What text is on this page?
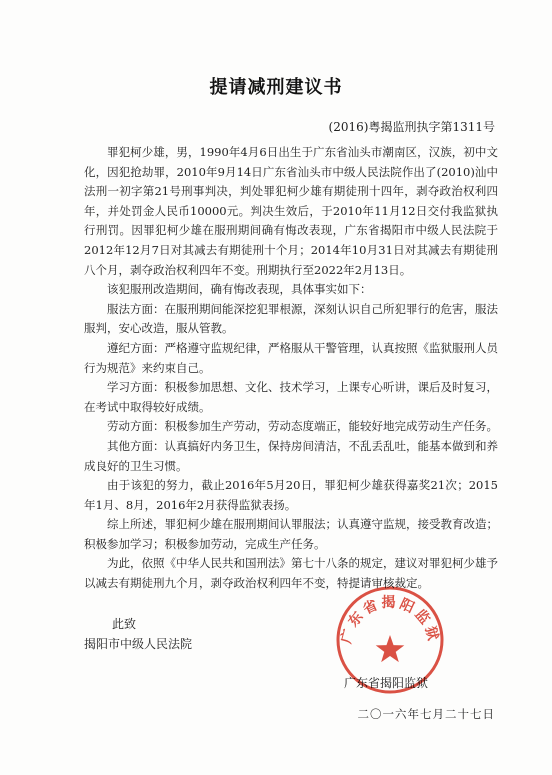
提请减刑建议书
(2016)粤揭监刑执字第1311号

罪犯柯少雄，男，1990年4月6日出生于广东省汕头市潮南区，汉族，初中文化，因犯抢劫罪，2010年9月14日广东省汕头市中级人民法院作出了(2010)汕中法刑一初字第21号刑事判决，判处罪犯柯少雄有期徒刑十四年，剥夺政治权利四年，并处罚金人民币10000元。判决生效后，于2010年11月12日交付我监狱执行刑罚。因罪犯柯少雄在服刑期间确有悔改表现，广东省揭阳市中级人民法院于2012年12月7日对其减去有期徒刑十个月；2014年10月31日对其减去有期徒刑八个月，剥夺政治权利四年不变。刑期执行至2022年2月13日。

该犯服刑改造期间，确有悔改表现，具体事实如下：

服法方面：在服刑期间能深挖犯罪根源，深刻认识自己所犯罪行的危害，服法服判，安心改造，服从管教。

遵纪方面：严格遵守监规纪律，严格服从干警管理，认真按照《监狱服刑人员行为规范》来约束自己。

学习方面：积极参加思想、文化、技术学习，上课专心听讲，课后及时复习，在考试中取得较好成绩。

劳动方面：积极参加生产劳动，劳动态度端正，能较好地完成劳动生产任务。

其他方面：认真搞好内务卫生，保持房间清洁，不乱丢乱吐，能基本做到和养成良好的卫生习惯。

由于该犯的努力，截止2016年5月20日，罪犯柯少雄获得嘉奖21次；2015年1月、8月，2016年2月获得监狱表扬。

综上所述，罪犯柯少雄在服刑期间认罪服法；认真遵守监规，接受教育改造；积极参加学习；积极参加劳动，完成生产任务。

为此，依照《中华人民共和国刑法》第七十八条的规定，建议对罪犯柯少雄予以减去有期徒刑九个月，剥夺政治权利四年不变，特提请审核裁定。

此致
揭阳市中级人民法院
广东省揭阳监狱
二〇一六年七月二十七日
广东省揭阳监狱
